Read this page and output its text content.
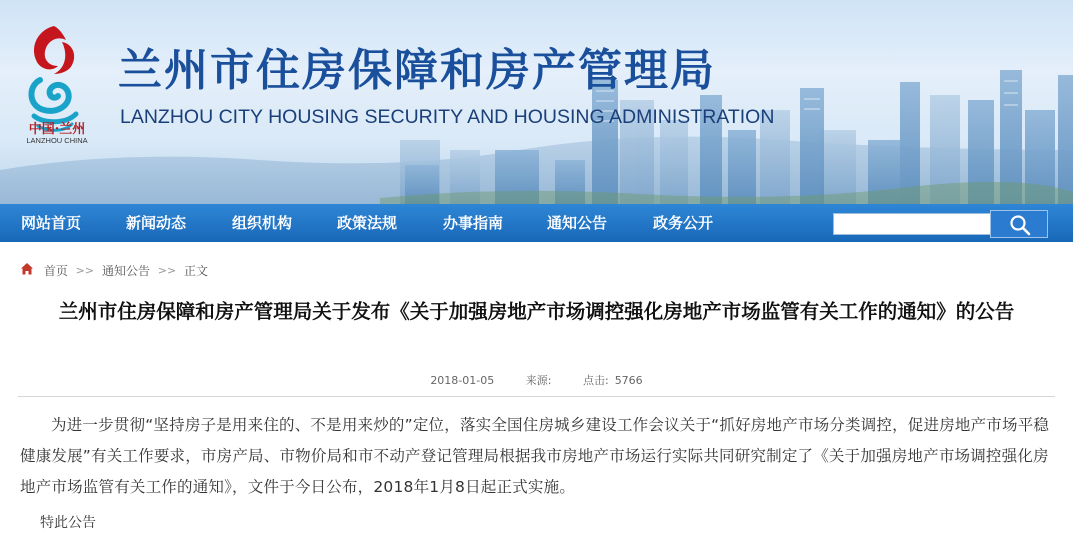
中国·兰州
LANZHOU CHINA
兰州市住房保障和房产管理局

LANZHOU CITY HOUSING SECURITY AND HOUSING ADMINISTRATION

网站首页	新闻动态	组织机构	政策法规	办事指南	通知公告	政务公开
首页 >> 通知公告 >> 正文
兰州市住房保障和房产管理局关于发布《关于加强房地产市场调控强化房地产市场监管有关工作的通知》的公告
2018-01-05	来源:	点击: 5766

为进一步贯彻“坚持房子是用来住的、不是用来炒的”定位，落实全国住房城乡建设工作会议关于“抓好房地产市场分类调控，促进房地产市场平稳健康发展”有关工作要求，市房产局、市物价局和市不动产登记管理局根据我市房地产市场运行实际共同研究制定了《关于加强房地产市场调控强化房地产市场监管有关工作的通知》，文件于今日公布，2018年1月8日起正式实施。

特此公告
